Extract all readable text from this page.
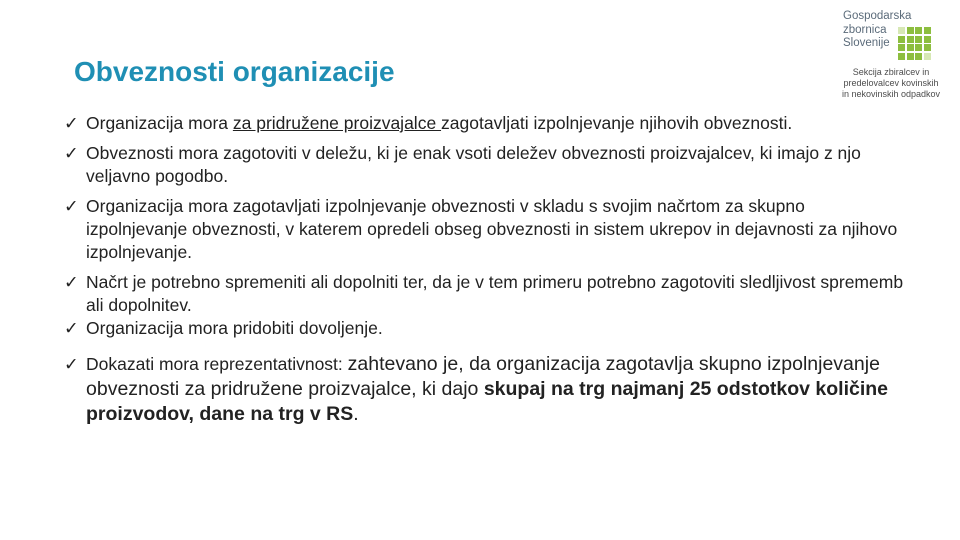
Obveznosti organizacije
Gospodarska
zbornica
Slovenije
Sekcija zbiralcev in
predelovalcev kovinskih
in nekovinskih odpadkov
✓ Organizacija mora za pridružene proizvajalce zagotavljati izpolnjevanje njihovih obveznosti.
✓ Obveznosti mora zagotoviti v deležu, ki je enak vsoti deležev obveznosti proizvajalcev, ki imajo z njo veljavno pogodbo.
✓ Organizacija mora zagotavljati izpolnjevanje obveznosti v skladu s svojim načrtom za skupno izpolnjevanje obveznosti, v katerem opredeli obseg obveznosti in sistem ukrepov in dejavnosti za njihovo izpolnjevanje.
✓ Načrt je potrebno spremeniti ali dopolniti ter, da je v tem primeru potrebno zagotoviti sledljivost sprememb ali dopolnitev.
✓ Organizacija mora pridobiti dovoljenje.
✓ Dokazati mora reprezentativnost: zahtevano je, da organizacija zagotavlja skupno izpolnjevanje obveznosti za pridružene proizvajalce, ki dajo skupaj na trg najmanj 25 odstotkov količine proizvodov, dane na trg v RS.
